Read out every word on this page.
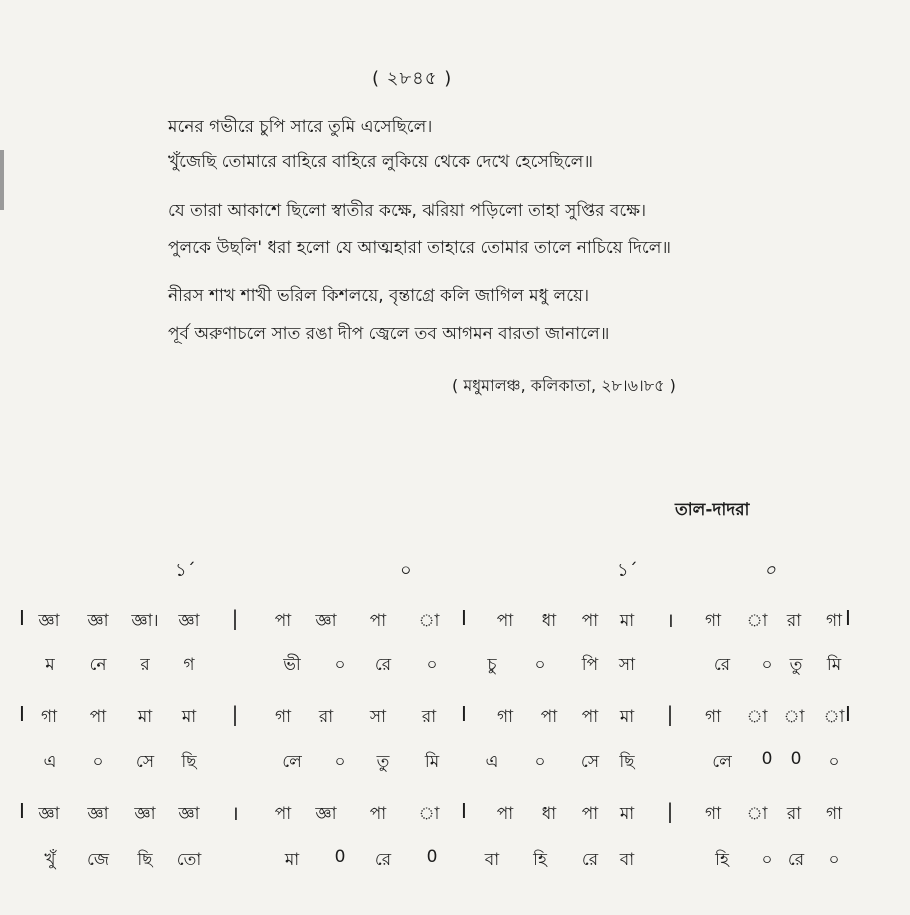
( ২৮৪৫ )
মনের গভীরে চুপি সারে তুমি এসেছিলে।
খুঁজেছি তোমারে বাহিরে বাহিরে লুকিয়ে থেকে দেখে হেসেছিলে॥
যে তারা আকাশে ছিলো স্বাতীর কক্ষে, ঝরিয়া পড়িলো তাহা সুপ্তির বক্ষে।
পুলকে উছলি' ধরা হলো যে আত্মহারা তাহারে তোমার তালে নাচিয়ে দিলে॥
নীরস শাখ শাখী ভরিল কিশলয়ে, বৃন্তাগ্রে কলি জাগিল মধু লয়ে।
পূর্ব অরুণাচলে সাত রঙা দীপ জ্বেলে তব আগমন বারতা জানালে॥
( মধুমালঞ্চ, কলিকাতা, ২৮।৬।৮৫ )
তাল-দাদরা
১´	০	১´	০
I জ্ঞা জ্ঞা জ্ঞা। জ্ঞা | পা জ্ঞা পা া I পা ধা পা মা । গা া রা গা I
ম নে র গ	ভী ০ রে ০	চু ০ পি সা	রে ০ তু মি
I গা পা মা মা | গা রা সা রা I গা পা পা মা | গা া া া I
এ ০ সে ছি	লে ০ তু মি	এ ০ সে ছি	লে 0 0 ০
I জ্ঞা জ্ঞা জ্ঞা জ্ঞা । পা জ্ঞা পা া I পা ধা পা মা | গা া রা গা
খুঁ জে ছি তো	মা 0 রে 0	বা হি রে বা	হি ০ রে ০
